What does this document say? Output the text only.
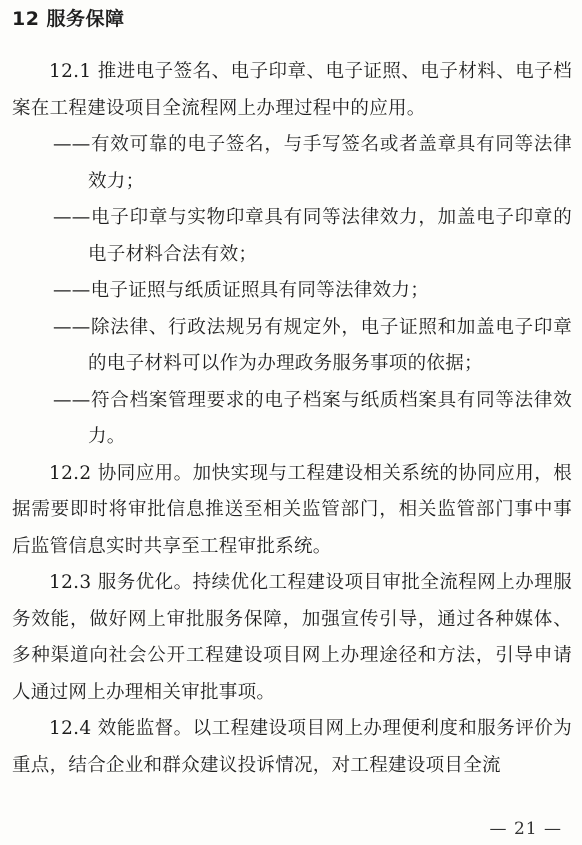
12 服务保障

12.1 推进电子签名、电子印章、电子证照、电子材料、电子档案在工程建设项目全流程网上办理过程中的应用。

——有效可靠的电子签名，与手写签名或者盖章具有同等法律效力；

——电子印章与实物印章具有同等法律效力，加盖电子印章的电子材料合法有效；

——电子证照与纸质证照具有同等法律效力；

——除法律、行政法规另有规定外，电子证照和加盖电子印章的电子材料可以作为办理政务服务事项的依据；

——符合档案管理要求的电子档案与纸质档案具有同等法律效力。

12.2 协同应用。加快实现与工程建设相关系统的协同应用，根据需要即时将审批信息推送至相关监管部门，相关监管部门事中事后监管信息实时共享至工程审批系统。

12.3 服务优化。持续优化工程建设项目审批全流程网上办理服务效能，做好网上审批服务保障，加强宣传引导，通过各种媒体、多种渠道向社会公开工程建设项目网上办理途径和方法，引导申请人通过网上办理相关审批事项。

12.4 效能监督。以工程建设项目网上办理便利度和服务评价为重点，结合企业和群众建议投诉情况，对工程建设项目全流

— 21 —
